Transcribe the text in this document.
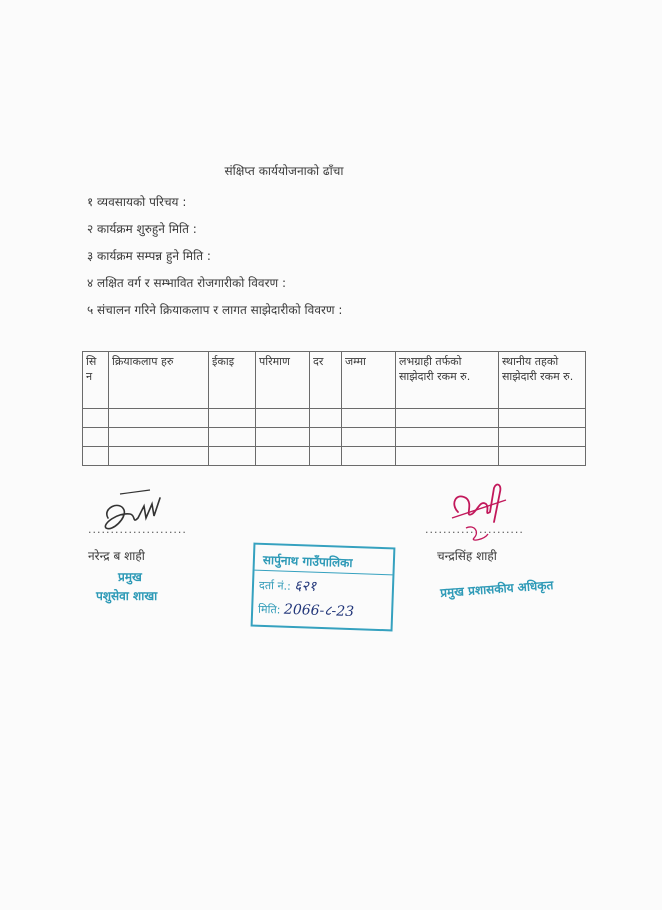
संक्षिप्त कार्ययोजनाको ढाँचा
१ व्यवसायको परिचय :
२ कार्यक्रम शुरुहुने मिति :
३ कार्यक्रम सम्पन्न हुने मिति :
४ लक्षित वर्ग र सम्भावित रोजगारीको विवरण :
५ संचालन गरिने क्रियाकलाप र लागत साझेदारीको विवरण :
सि न	क्रियाकलाप हरु	ईकाइ	परिमाण	दर	जम्मा	लभग्राही तर्फको साझेदारी रकम रु.	स्थानीय तहको साझेदारी रकम रु.

......................
नरेन्द्र ब शाही
प्रमुख
पशुसेवा शाखा
सार्पुनाथ गाउँपालिका
दर्ता नं.: ६२१
मिति: 2066-८-23
......................
चन्द्रसिंह शाही
प्रमुख प्रशासकीय अधिकृत
